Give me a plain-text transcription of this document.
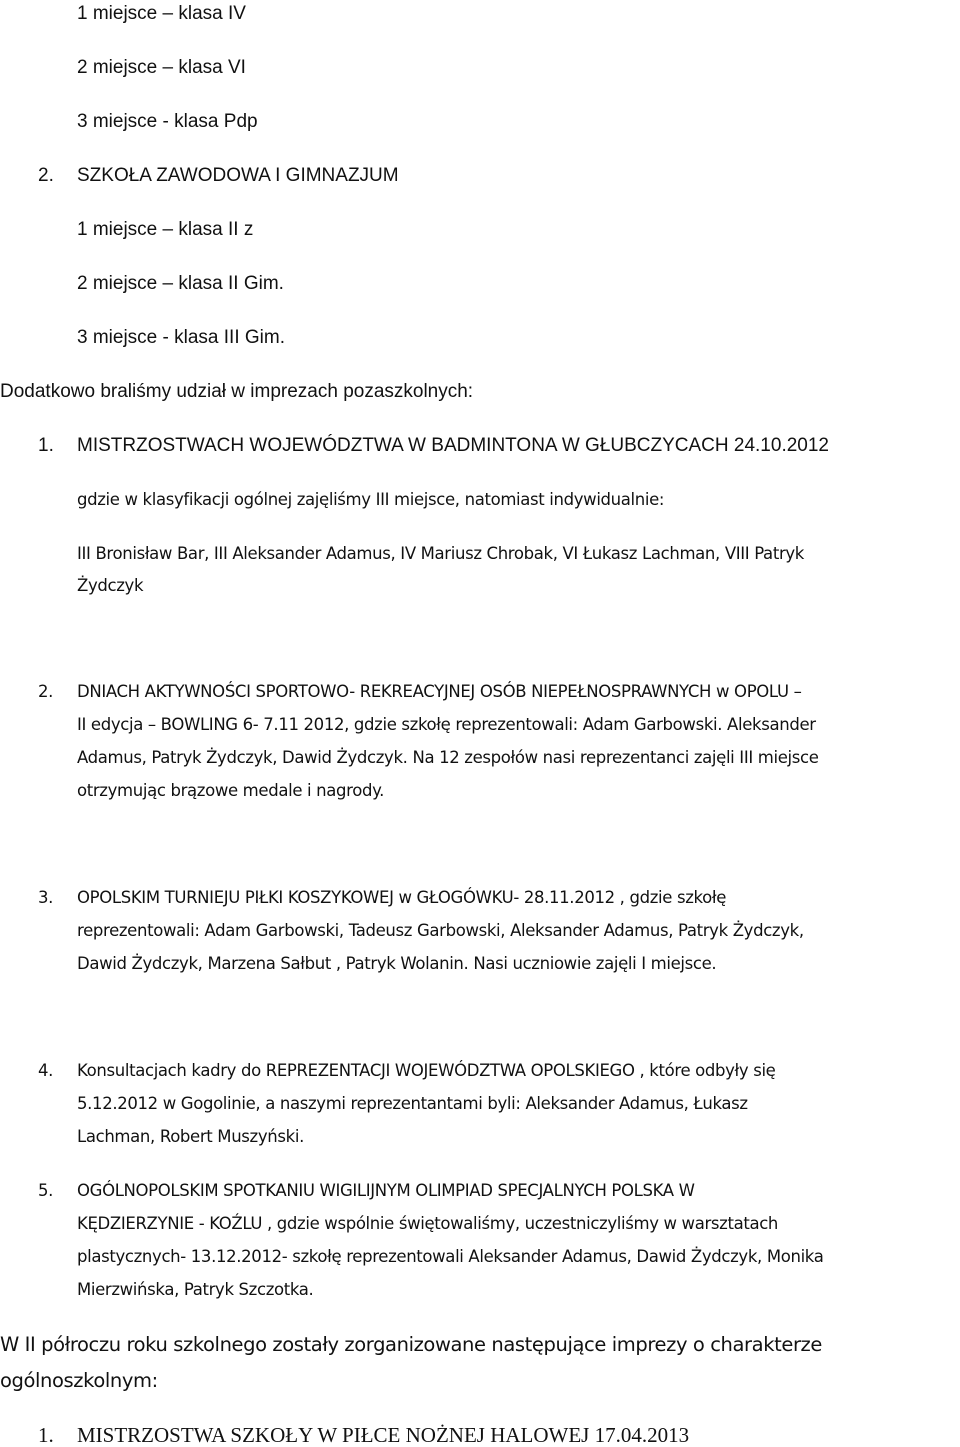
1 miejsce – klasa IV

2 miejsce – klasa VI

3 miejsce - klasa Pdp

2. SZKOŁA ZAWODOWA I GIMNAZJUM

1 miejsce – klasa II z

2 miejsce – klasa II Gim.

3 miejsce - klasa III Gim.

Dodatkowo braliśmy udział w imprezach pozaszkolnych:

1. MISTRZOSTWACH WOJEWÓDZTWA W BADMINTONA W GŁUBCZYCACH 24.10.2012

gdzie w klasyfikacji ogólnej zajęliśmy III miejsce, natomiast indywidualnie:

III Bronisław Bar, III Aleksander Adamus, IV Mariusz Chrobak, VI Łukasz Lachman, VIII Patryk

Żydczyk

2. DNIACH AKTYWNOŚCI SPORTOWO- REKREACYJNEJ OSÓB NIEPEŁNOSPRAWNYCH w OPOLU –

II edycja – BOWLING 6- 7.11 2012, gdzie szkołę reprezentowali: Adam Garbowski. Aleksander

Adamus, Patryk Żydczyk, Dawid Żydczyk. Na 12 zespołów nasi reprezentanci zajęli III miejsce

otrzymując brązowe medale i nagrody.

3. OPOLSKIM TURNIEJU PIŁKI KOSZYKOWEJ w GŁOGÓWKU- 28.11.2012 , gdzie szkołę

reprezentowali: Adam Garbowski, Tadeusz Garbowski, Aleksander Adamus, Patryk Żydczyk,

Dawid Żydczyk, Marzena Sałbut , Patryk Wolanin. Nasi uczniowie zajęli I miejsce.

4. Konsultacjach kadry do REPREZENTACJI WOJEWÓDZTWA OPOLSKIEGO , które odbyły się

5.12.2012 w Gogolinie, a naszymi reprezentantami byli: Aleksander Adamus, Łukasz

Lachman, Robert Muszyński.

5. OGÓLNOPOLSKIM SPOTKANIU WIGILIJNYM OLIMPIAD SPECJALNYCH POLSKA W

KĘDZIERZYNIE - KOŹLU , gdzie wspólnie świętowaliśmy, uczestniczyliśmy w warsztatach

plastycznych- 13.12.2012- szkołę reprezentowali Aleksander Adamus, Dawid Żydczyk, Monika

Mierzwińska, Patryk Szczotka.

W II półroczu roku szkolnego zostały zorganizowane następujące imprezy o charakterze

ogólnoszkolnym:

1. MISTRZOSTWA SZKOŁY W PIŁCE NOŻNEJ HALOWEJ 17.04.2013
